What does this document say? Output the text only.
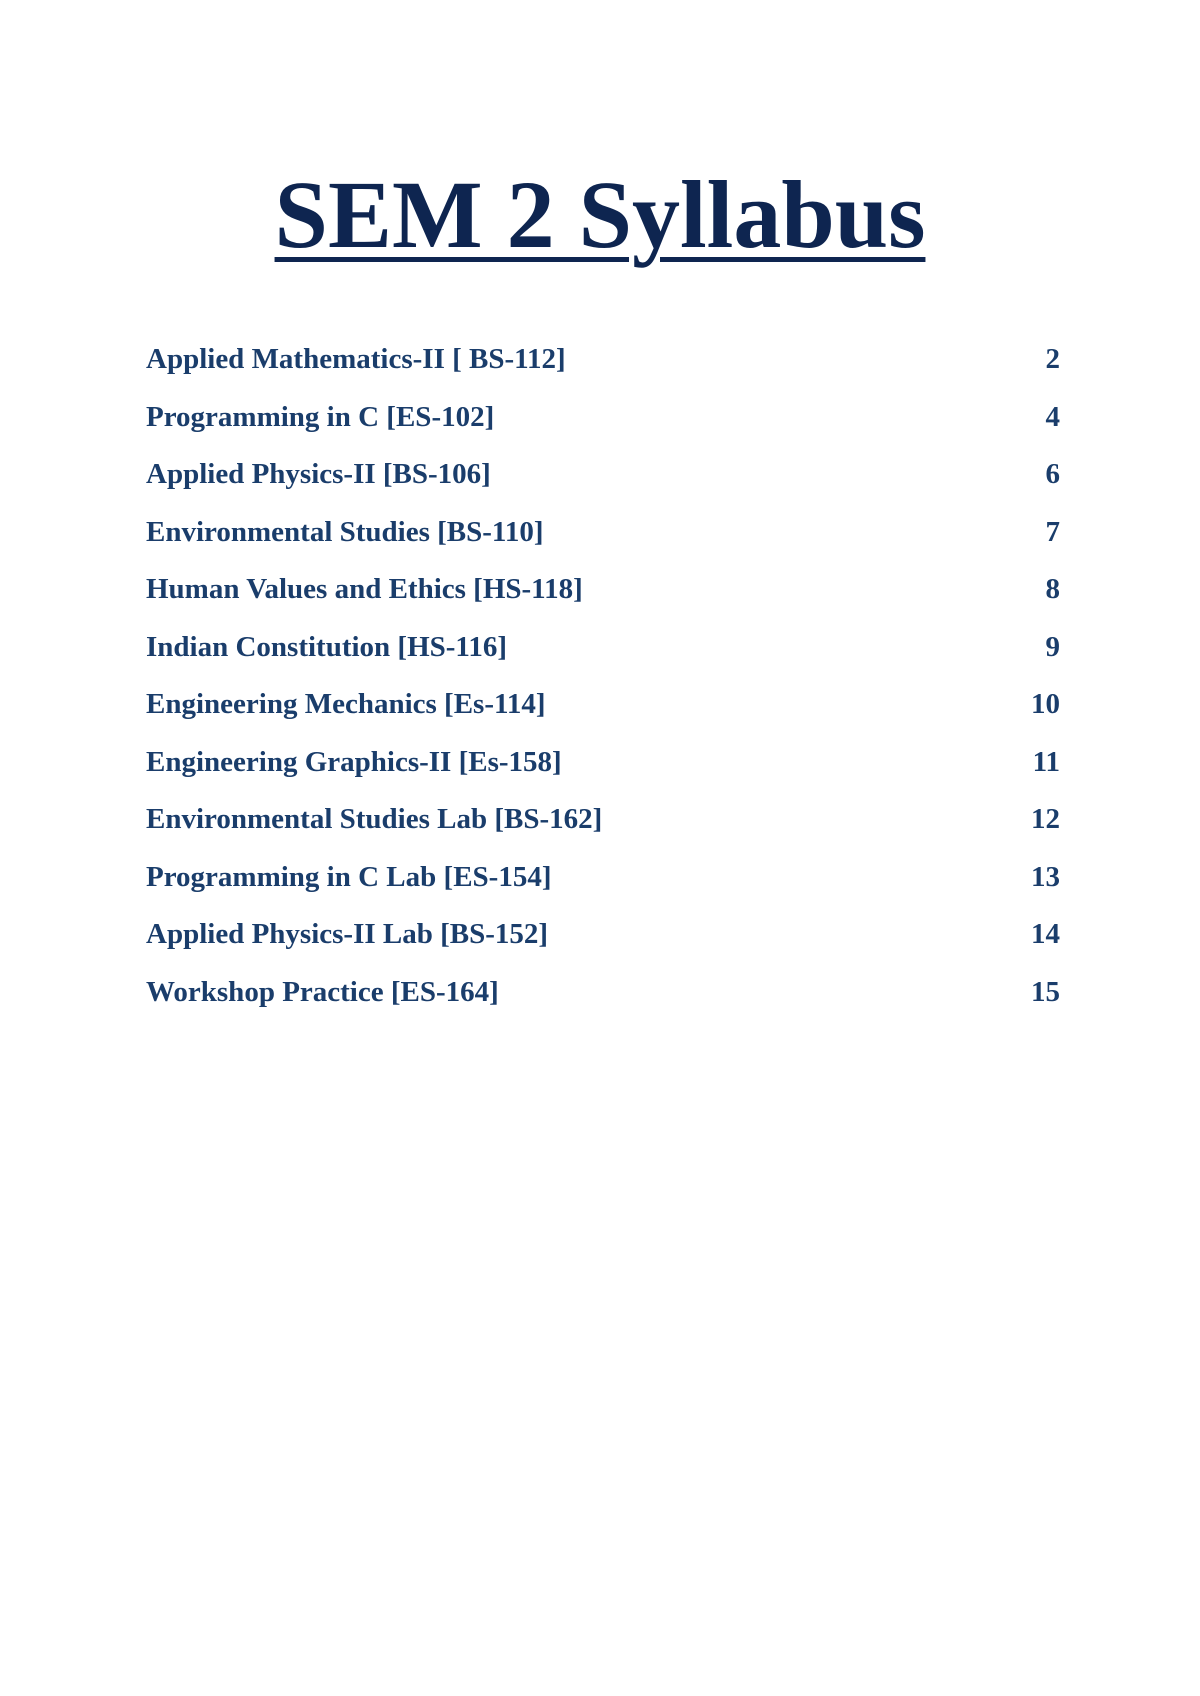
SEM 2 Syllabus
Applied Mathematics-II [ BS-112]	2
Programming in C [ES-102]	4
Applied Physics-II [BS-106]	6
Environmental Studies [BS-110]	7
Human Values and Ethics [HS-118]	8
Indian Constitution [HS-116]	9
Engineering Mechanics [Es-114]	10
Engineering Graphics-II [Es-158]	11
Environmental Studies Lab [BS-162]	12
Programming in C Lab [ES-154]	13
Applied Physics-II Lab [BS-152]	14
Workshop Practice [ES-164]	15
